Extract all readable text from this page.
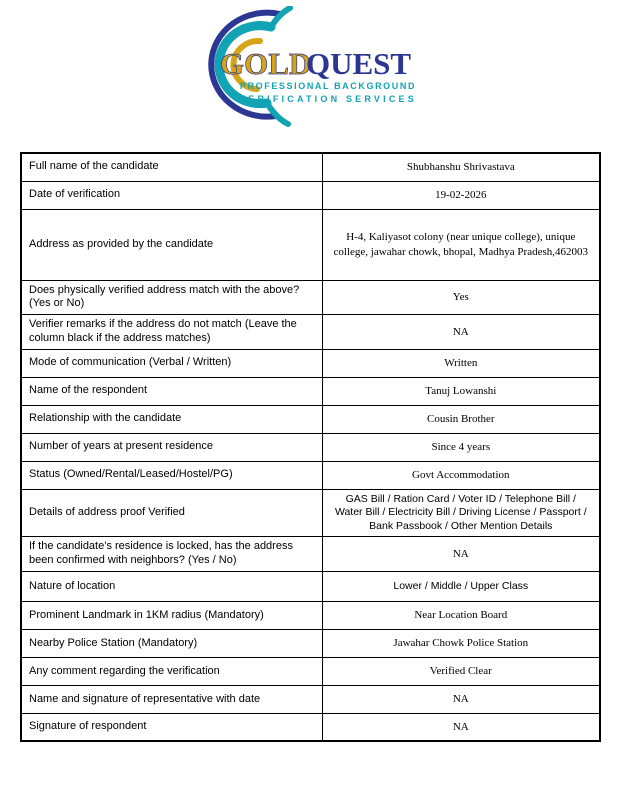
GOLD
QUEST
PROFESSIONAL BACKGROUND
VERIFICATION SERVICES
Full name of the candidate	Shubhanshu Shrivastava
Date of verification	19-02-2026
Address as provided by the candidate	H-4, Kaliyasot colony (near unique college), unique college, jawahar chowk, bhopal, Madhya Pradesh,462003
Does physically verified address match with the above? (Yes or No)	Yes
Verifier remarks if the address do not match (Leave the column black if the address matches)	NA
Mode of communication (Verbal / Written)	Written
Name of the respondent	Tanuj Lowanshi
Relationship with the candidate	Cousin Brother
Number of years at present residence	Since 4 years
Status (Owned/Rental/Leased/Hostel/PG)	Govt Accommodation
Details of address proof Verified	GAS Bill / Ration Card / Voter ID / Telephone Bill / Water Bill / Electricity Bill / Driving License / Passport / Bank Passbook / Other Mention Details
If the candidate’s residence is locked, has the address been confirmed with neighbors? (Yes / No)	NA
Nature of location	Lower / Middle / Upper Class
Prominent Landmark in 1KM radius (Mandatory)	Near Location Board
Nearby Police Station (Mandatory)	Jawahar Chowk Police Station
Any comment regarding the verification	Verified Clear
Name and signature of representative with date	NA
Signature of respondent	NA
